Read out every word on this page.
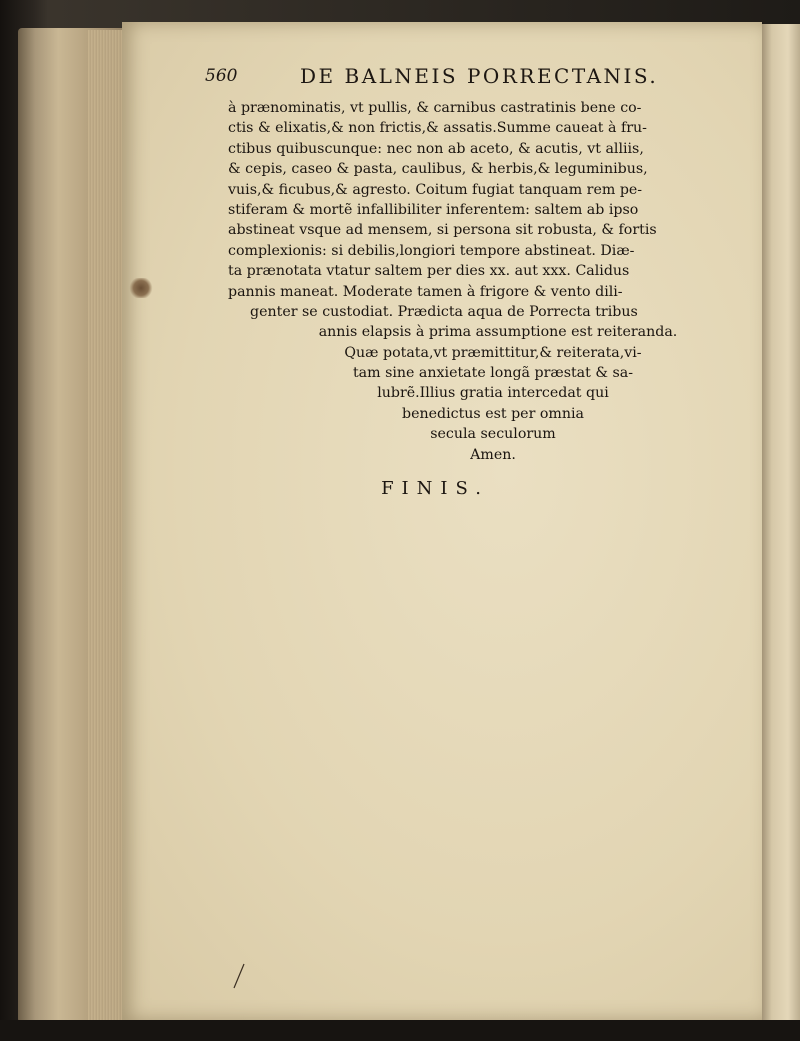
560	DE BALNEIS PORRECTANIS.
à prænominatis, vt pullis, & carnibus castratinis bene co-
ctis & elixatis,& non frictis,& assatis.Summe caueat à fru-
ctibus quibuscunque: nec non ab aceto, & acutis, vt alliis,
& cepis, caseo & pasta, caulibus, & herbis,& leguminibus,
vuis,& ficubus,& agresto. Coitum fugiat tanquam rem pe-
stiferam & mortẽ infallibiliter inferentem: saltem ab ipso
abstineat vsque ad mensem, si persona sit robusta, & fortis
complexionis: si debilis,longiori tempore abstineat. Diæ-
ta prænotata vtatur saltem per dies xx. aut xxx. Calidus
pannis maneat. Moderate tamen à frigore & vento dili-
genter se custodiat. Prædicta aqua de Porrecta tribus
annis elapsis à prima assumptione est reiteranda.
Quæ potata,vt præmittitur,& reiterata,vi-
tam sine anxietate longã præstat & sa-
lubrẽ.Illius gratia intercedat qui
benedictus est per omnia
secula seculorum
Amen.
FINIS.
